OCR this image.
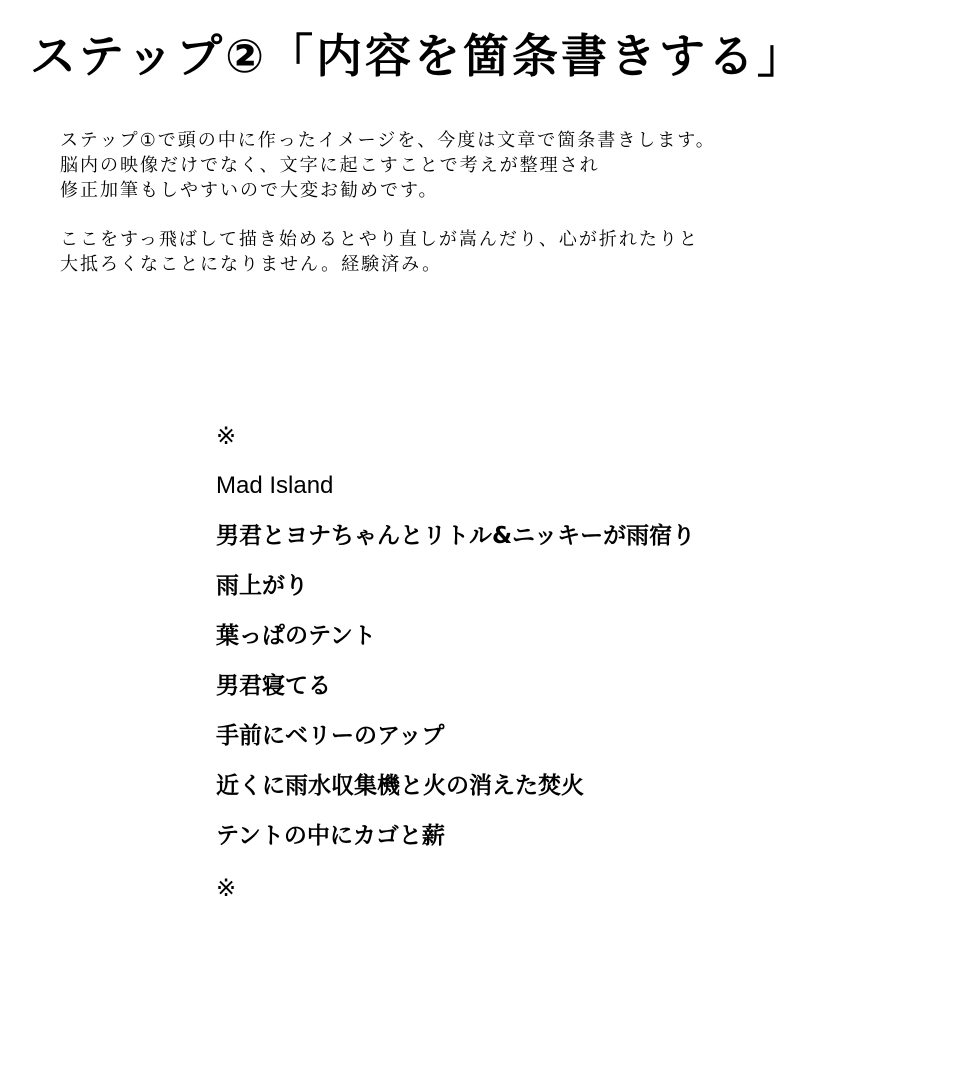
ステップ②「内容を箇条書きする」

ステップ①で頭の中に作ったイメージを、今度は文章で箇条書きします。
脳内の映像だけでなく、文字に起こすことで考えが整理され
修正加筆もしやすいので大変お勧めです。

ここをすっ飛ばして描き始めるとやり直しが嵩んだり、心が折れたりと
大抵ろくなことになりません。経験済み。

※
Mad Island
男君とヨナちゃんとリトル&ニッキーが雨宿り
雨上がり
葉っぱのテント
男君寝てる
手前にベリーのアップ
近くに雨水収集機と火の消えた焚火
テントの中にカゴと薪
※
